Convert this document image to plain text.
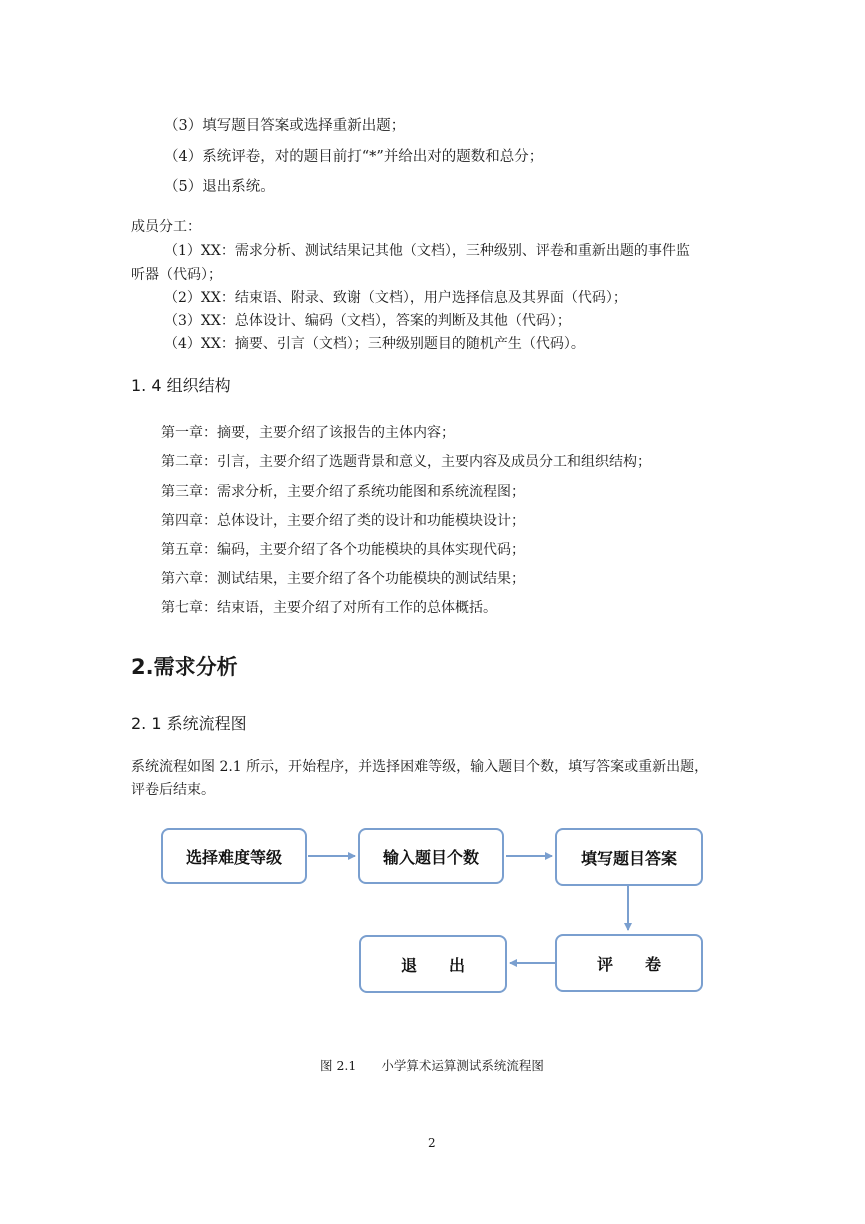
（3）填写题目答案或选择重新出题；
（4）系统评卷，对的题目前打“*”并给出对的题数和总分；
（5）退出系统。
成员分工：
（1）XX：需求分析、测试结果记其他（文档），三种级别、评卷和重新出题的事件监
听器（代码）；
（2）XX：结束语、附录、致谢（文档），用户选择信息及其界面（代码）；
（3）XX：总体设计、编码（文档），答案的判断及其他（代码）；
（4）XX：摘要、引言（文档）；三种级别题目的随机产生（代码）。
1. 4 组织结构
第一章：摘要，主要介绍了该报告的主体内容；
第二章：引言，主要介绍了选题背景和意义，主要内容及成员分工和组织结构；
第三章：需求分析，主要介绍了系统功能图和系统流程图；
第四章：总体设计，主要介绍了类的设计和功能模块设计；
第五章：编码，主要介绍了各个功能模块的具体实现代码；
第六章：测试结果，主要介绍了各个功能模块的测试结果；
第七章：结束语，主要介绍了对所有工作的总体概括。
2.需求分析
2. 1 系统流程图
系统流程如图 2.1 所示，开始程序，并选择困难等级，输入题目个数，填写答案或重新出题，
评卷后结束。
选择难度等级	输入题目个数	填写题目答案
评　　卷
退　　出
图 2.1　　小学算术运算测试系统流程图
2
